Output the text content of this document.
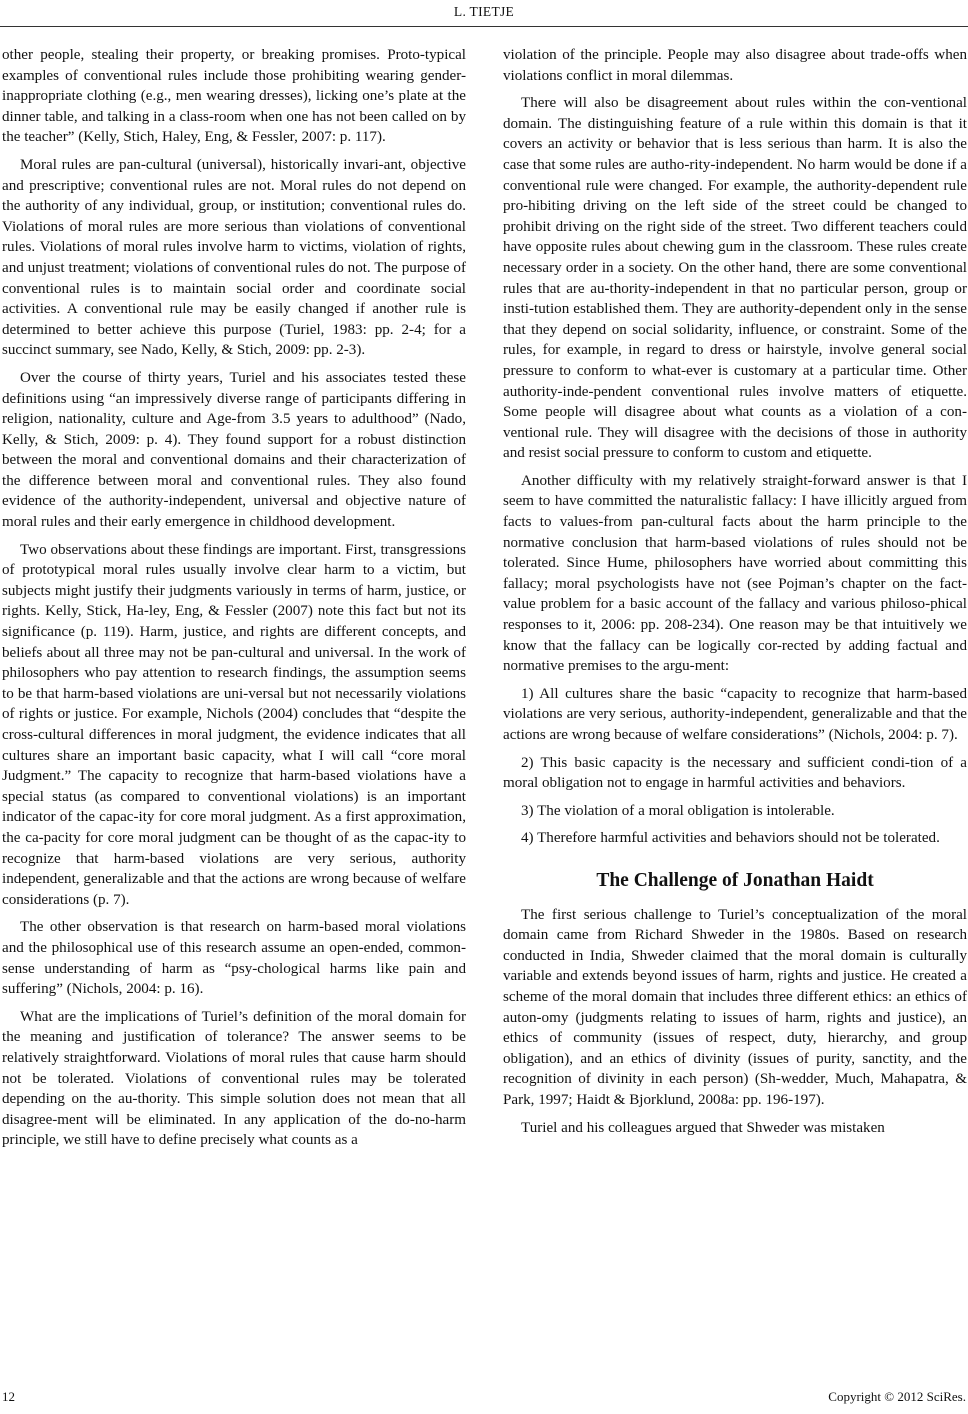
L. TIETJE

other people, stealing their property, or breaking promises. Proto-typical examples of conventional rules include those prohibiting wearing gender-inappropriate clothing (e.g., men wearing dresses), licking one’s plate at the dinner table, and talking in a class-room when one has not been called on by the teacher” (Kelly, Stich, Haley, Eng, & Fessler, 2007: p. 117).

Moral rules are pan-cultural (universal), historically invari-ant, objective and prescriptive; conventional rules are not. Moral rules do not depend on the authority of any individual, group, or institution; conventional rules do. Violations of moral rules are more serious than violations of conventional rules. Violations of moral rules involve harm to victims, violation of rights, and unjust treatment; violations of conventional rules do not. The purpose of conventional rules is to maintain social order and coordinate social activities. A conventional rule may be easily changed if another rule is determined to better achieve this purpose (Turiel, 1983: pp. 2-4; for a succinct summary, see Nado, Kelly, & Stich, 2009: pp. 2-3).

Over the course of thirty years, Turiel and his associates tested these definitions using “an impressively diverse range of participants differing in religion, nationality, culture and Age-from 3.5 years to adulthood” (Nado, Kelly, & Stich, 2009: p. 4). They found support for a robust distinction between the moral and conventional domains and their characterization of the difference between moral and conventional rules. They also found evidence of the authority-independent, universal and objective nature of moral rules and their early emergence in childhood development.

Two observations about these findings are important. First, transgressions of prototypical moral rules usually involve clear harm to a victim, but subjects might justify their judgments variously in terms of harm, justice, or rights. Kelly, Stick, Ha-ley, Eng, & Fessler (2007) note this fact but not its significance (p. 119). Harm, justice, and rights are different concepts, and beliefs about all three may not be pan-cultural and universal. In the work of philosophers who pay attention to research findings, the assumption seems to be that harm-based violations are uni-versal but not necessarily violations of rights or justice. For example, Nichols (2004) concludes that “despite the cross-cultural differences in moral judgment, the evidence indicates that all cultures share an important basic capacity, what I will call “core moral Judgment.” The capacity to recognize that harm-based violations have a special status (as compared to conventional violations) is an important indicator of the capac-ity for core moral judgment. As a first approximation, the ca-pacity for core moral judgment can be thought of as the capac-ity to recognize that harm-based violations are very serious, authority independent, generalizable and that the actions are wrong because of welfare considerations (p. 7).

The other observation is that research on harm-based moral violations and the philosophical use of this research assume an open-ended, common-sense understanding of harm as “psy-chological harms like pain and suffering” (Nichols, 2004: p. 16).

What are the implications of Turiel’s definition of the moral domain for the meaning and justification of tolerance? The answer seems to be relatively straightforward. Violations of moral rules that cause harm should not be tolerated. Violations of conventional rules may be tolerated depending on the au-thority. This simple solution does not mean that all disagree-ment will be eliminated. In any application of the do-no-harm principle, we still have to define precisely what counts as a

violation of the principle. People may also disagree about trade-offs when violations conflict in moral dilemmas.

There will also be disagreement about rules within the con-ventional domain. The distinguishing feature of a rule within this domain is that it covers an activity or behavior that is less serious than harm. It is also the case that some rules are autho-rity-independent. No harm would be done if a conventional rule were changed. For example, the authority-dependent rule pro-hibiting driving on the left side of the street could be changed to prohibit driving on the right side of the street. Two different teachers could have opposite rules about chewing gum in the classroom. These rules create necessary order in a society. On the other hand, there are some conventional rules that are au-thority-independent in that no particular person, group or insti-tution established them. They are authority-dependent only in the sense that they depend on social solidarity, influence, or constraint. Some of the rules, for example, in regard to dress or hairstyle, involve general social pressure to conform to what-ever is customary at a particular time. Other authority-inde-pendent conventional rules involve matters of etiquette. Some people will disagree about what counts as a violation of a con-ventional rule. They will disagree with the decisions of those in authority and resist social pressure to conform to custom and etiquette.

Another difficulty with my relatively straight-forward answer is that I seem to have committed the naturalistic fallacy: I have illicitly argued from facts to values-from pan-cultural facts about the harm principle to the normative conclusion that harm-based violations of rules should not be tolerated. Since Hume, philosophers have worried about committing this fallacy; moral psychologists have not (see Pojman’s chapter on the fact-value problem for a basic account of the fallacy and various philoso-phical responses to it, 2006: pp. 208-234). One reason may be that intuitively we know that the fallacy can be logically cor-rected by adding factual and normative premises to the argu-ment:

1) All cultures share the basic “capacity to recognize that harm-based violations are very serious, authority-independent, generalizable and that the actions are wrong because of welfare considerations” (Nichols, 2004: p. 7).

2) This basic capacity is the necessary and sufficient condi-tion of a moral obligation not to engage in harmful activities and behaviors.

3) The violation of a moral obligation is intolerable.

4) Therefore harmful activities and behaviors should not be tolerated.

The Challenge of Jonathan Haidt

The first serious challenge to Turiel’s conceptualization of the moral domain came from Richard Shweder in the 1980s. Based on research conducted in India, Shweder claimed that the moral domain is culturally variable and extends beyond issues of harm, rights and justice. He created a scheme of the moral domain that includes three different ethics: an ethics of auton-omy (judgments relating to issues of harm, rights and justice), an ethics of community (issues of respect, duty, hierarchy, and group obligation), and an ethics of divinity (issues of purity, sanctity, and the recognition of divinity in each person) (Sh-wedder, Much, Mahapatra, & Park, 1997; Haidt & Bjorklund, 2008a: pp. 196-197).

Turiel and his colleagues argued that Shweder was mistaken

12	Copyright © 2012 SciRes.
